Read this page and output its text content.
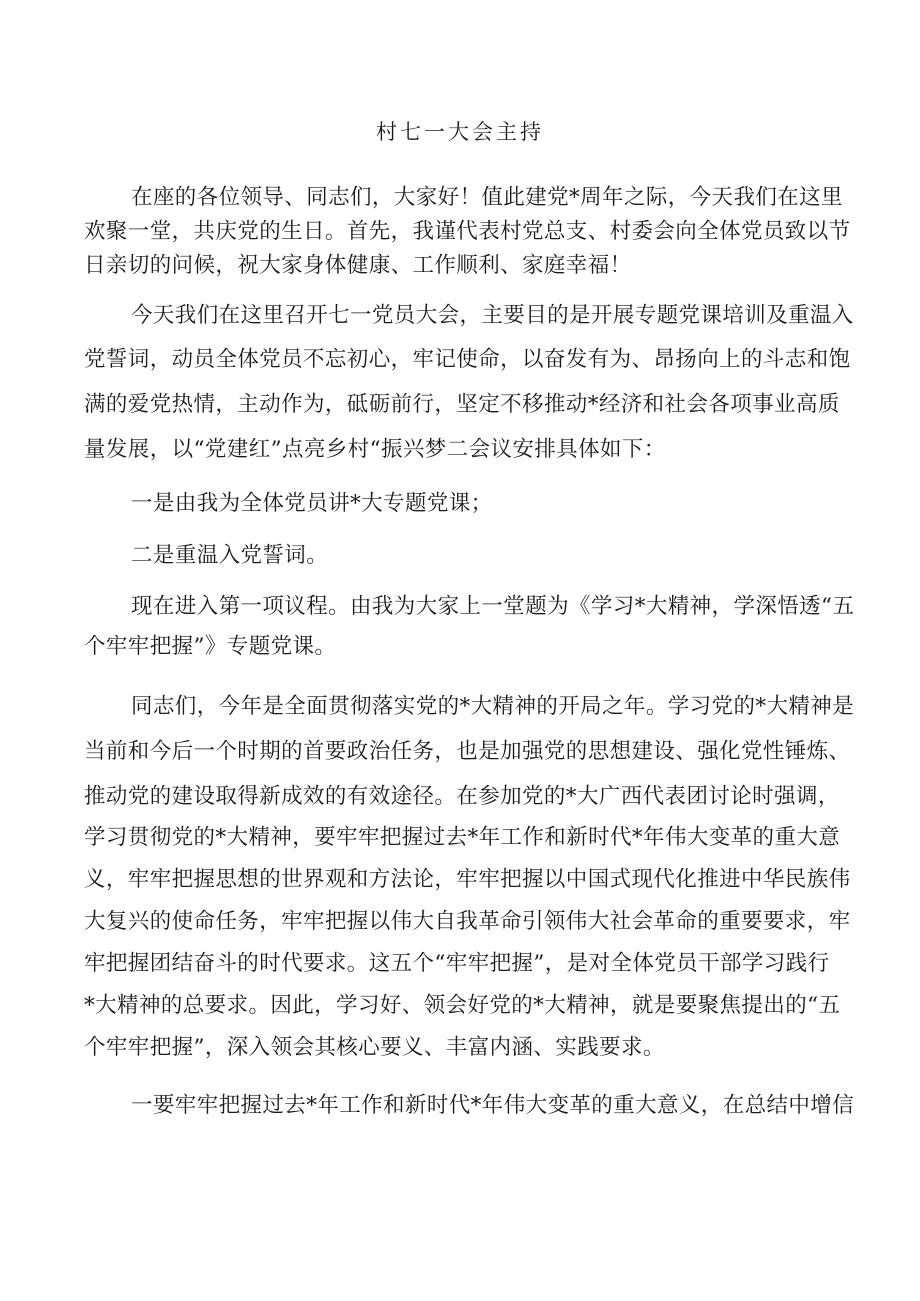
村七一大会主持
在座的各位领导、同志们，大家好！值此建党*周年之际，今天我们在这里
欢聚一堂，共庆党的生日。首先，我谨代表村党总支、村委会向全体党员致以节
日亲切的问候，祝大家身体健康、工作顺利、家庭幸福！
今天我们在这里召开七一党员大会，主要目的是开展专题党课培训及重温入
党誓词，动员全体党员不忘初心，牢记使命，以奋发有为、昂扬向上的斗志和饱
满的爱党热情，主动作为，砥砺前行，坚定不移推动*经济和社会各项事业高质
量发展，以“党建红”点亮乡村“振兴梦二会议安排具体如下：
一是由我为全体党员讲*大专题党课；
二是重温入党誓词。
现在进入第一项议程。由我为大家上一堂题为《学习*大精神，学深悟透“五
个牢牢把握”》专题党课。
同志们，今年是全面贯彻落实党的*大精神的开局之年。学习党的*大精神是
当前和今后一个时期的首要政治任务，也是加强党的思想建设、强化党性锤炼、
推动党的建设取得新成效的有效途径。在参加党的*大广西代表团讨论时强调，
学习贯彻党的*大精神，要牢牢把握过去*年工作和新时代*年伟大变革的重大意
义，牢牢把握思想的世界观和方法论，牢牢把握以中国式现代化推进中华民族伟
大复兴的使命任务，牢牢把握以伟大自我革命引领伟大社会革命的重要要求，牢
牢把握团结奋斗的时代要求。这五个“牢牢把握”，是对全体党员干部学习践行
*大精神的总要求。因此，学习好、领会好党的*大精神，就是要聚焦提出的“五
个牢牢把握”，深入领会其核心要义、丰富内涵、实践要求。
一要牢牢把握过去*年工作和新时代*年伟大变革的重大意义，在总结中增信
